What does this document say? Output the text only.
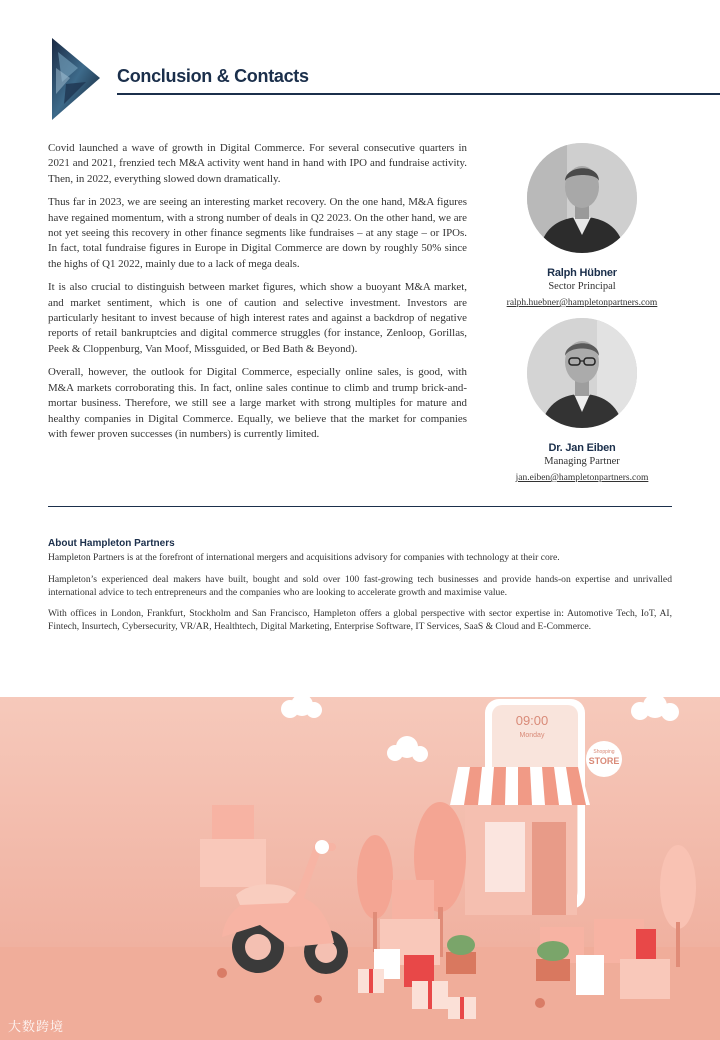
Conclusion & Contacts

Covid launched a wave of growth in Digital Commerce. For several consecutive quarters in 2021 and 2021, frenzied tech M&A activity went hand in hand with IPO and fundraise activity. Then, in 2022, everything slowed down dramatically.

Thus far in 2023, we are seeing an interesting market recovery. On the one hand, M&A figures have regained momentum, with a strong number of deals in Q2 2023. On the other hand, we are not yet seeing this recovery in other finance segments like fundraises – at any stage – or IPOs. In fact, total fundraise figures in Europe in Digital Commerce are down by roughly 50% since the highs of Q1 2022, mainly due to a lack of mega deals.

It is also crucial to distinguish between market figures, which show a buoyant M&A market, and market sentiment, which is one of caution and selective investment. Investors are particularly hesitant to invest because of high interest rates and against a backdrop of negative reports of retail bankruptcies and digital commerce struggles (for instance, Zenloop, Gorillas, Peek & Cloppenburg, Van Moof, Missguided, or Bed Bath & Beyond).

Overall, however, the outlook for Digital Commerce, especially online sales, is good, with M&A markets corroborating this. In fact, online sales continue to climb and trump brick-and-mortar business. Therefore, we still see a large market with strong multiples for mature and healthy companies in Digital Commerce. Equally, we believe that the market for companies with fewer proven successes (in numbers) is currently limited.

Ralph Hübner
Sector Principal
ralph.huebner@hampletonpartners.com
Dr. Jan Eiben
Managing Partner
jan.eiben@hampletonpartners.com
About Hampleton Partners

Hampleton Partners is at the forefront of international mergers and acquisitions advisory for companies with technology at their core.

Hampleton’s experienced deal makers have built, bought and sold over 100 fast-growing tech businesses and provide hands-on expertise and unrivalled international advice to tech entrepreneurs and the companies who are looking to accelerate growth and maximise value.

With offices in London, Frankfurt, Stockholm and San Francisco, Hampleton offers a global perspective with sector expertise in: Automotive Tech, IoT, AI, Fintech, Insurtech, Cybersecurity, VR/AR, Healthtech, Digital Marketing, Enterprise Software, IT Services, SaaS & Cloud and E-Commerce.

09:00
Monday
Shopping
STORE
大数跨境
